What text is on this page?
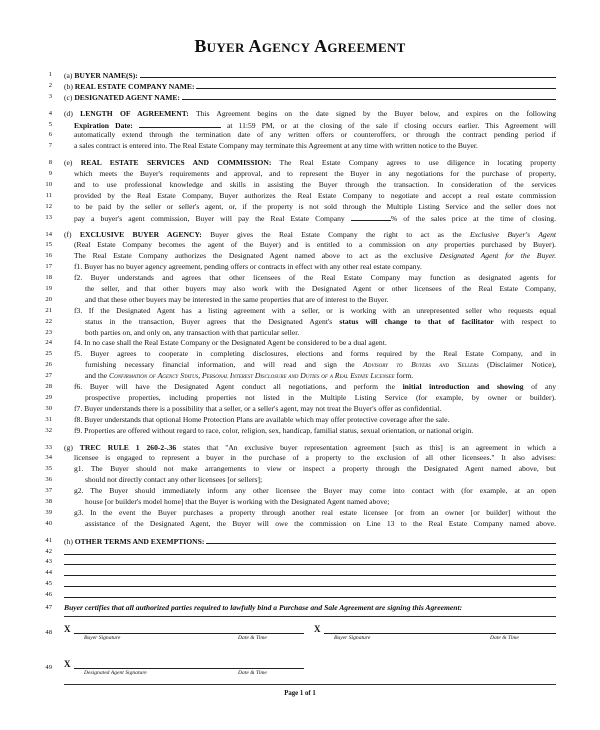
Buyer Agency Agreement
1 (a) BUYER NAME(S):
2 (b) REAL ESTATE COMPANY NAME:
3 (c) DESIGNATED AGENT NAME:
4 (d) LENGTH OF AGREEMENT: This Agreement begins on the date signed by the Buyer below, and expires on the following
5	Expiration Date:	at 11:59 PM, or at the closing of the sale if closing occurs earlier. This Agreement will
6	automatically extend through the termination date of any written offers or counteroffers, or through the contract pending period if
7	a sales contract is entered into. The Real Estate Company may terminate this Agreement at any time with written notice to the Buyer.
8 (e) REAL ESTATE SERVICES AND COMMISSION: The Real Estate Company agrees to use diligence in locating property
9	which meets the Buyer's requirements and approval, and to represent the Buyer in any negotiations for the purchase of property,
10	and to use professional knowledge and skills in assisting the Buyer through the transaction. In consideration of the services
11	provided by the Real Estate Company, Buyer authorizes the Real Estate Company to negotiate and accept a real estate commission
12	to be paid by the seller or seller's agent, or, if the property is not sold through the Multiple Listing Service and the seller does not
13	pay a buyer's agent commission, Buyer will pay the Real Estate Company	% of the sales price at the time of closing.
14 (f) EXCLUSIVE BUYER AGENCY: Buyer gives the Real Estate Company the right to act as the Exclusive Buyer's Agent
15	(Real Estate Company becomes the agent of the Buyer) and is entitled to a commission on any properties purchased by Buyer).
16	The Real Estate Company authorizes the Designated Agent named above to act as the exclusive Designated Agent for the Buyer.
17	f1. Buyer has no buyer agency agreement, pending offers or contracts in effect with any other real estate company.
18	f2. Buyer understands and agrees that other licensees of the Real Estate Company may function as designated agents for
19	the seller, and that other buyers may also work with the Designated Agent or other licensees of the Real Estate Company,
20	and that these other buyers may be interested in the same properties that are of interest to the Buyer.
21	f3. If the Designated Agent has a listing agreement with a seller, or is working with an unrepresented seller who requests equal
22	status in the transaction, Buyer agrees that the Designated Agent's status will change to that of facilitator with respect to
23	both parties on, and only on, any transaction with that particular seller.
24	f4. In no case shall the Real Estate Company or the Designated Agent be considered to be a dual agent.
25	f5. Buyer agrees to cooperate in completing disclosures, elections and forms required by the Real Estate Company, and in
26	furnishing necessary financial information, and will read and sign the Advisory to Buyers and Sellers (Disclaimer Notice),
27	and the Confirmation of Agency Status, Personal Interest Disclosure and Duties of a Real Estate Licensee form.
28	f6. Buyer will have the Designated Agent conduct all negotiations, and perform the initial introduction and showing of any
29	prospective properties, including properties not listed in the Multiple Listing Service (for example, by owner or builder).
30	f7. Buyer understands there is a possibility that a seller, or a seller's agent, may not treat the Buyer's offer as confidential.
31	f8. Buyer understands that optional Home Protection Plans are available which may offer protective coverage after the sale.
32	f9. Properties are offered without regard to race, color, religion, sex, handicap, familial status, sexual orientation, or national origin.
33 (g) TREC RULE 1 260-2-.36 states that "An exclusive buyer representation agreement [such as this] is an agreement in which a
34	licensee is engaged to represent a buyer in the purchase of a property to the exclusion of all other licensees." It also advises:
35	g1. The Buyer should not make arrangements to view or inspect a property through the Designated Agent named above, but
36	should not directly contact any other licensees [or sellers];
37	g2. The Buyer should immediately inform any other licensee the Buyer may come into contact with (for example, at an open
38	house [or builder's model home] that the Buyer is working with the Designated Agent named above;
39	g3. In the event the Buyer purchases a property through another real estate licensee [or from an owner [or builder] without the
40	assistance of the Designated Agent, the Buyer will owe the commission on Line 13 to the Real Estate Company named above.
41 (h) OTHER TERMS AND EXEMPTIONS:
42
43
44
45
46
47 Buyer certifies that all authorized parties required to lawfully bind a Purchase and Sale Agreement are signing this Agreement:
48 X
Buyer Signature	Date & Time
X
Buyer Signature	Date & Time
49 X
Designated Agent Signature	Date & Time
Page 1 of 1
